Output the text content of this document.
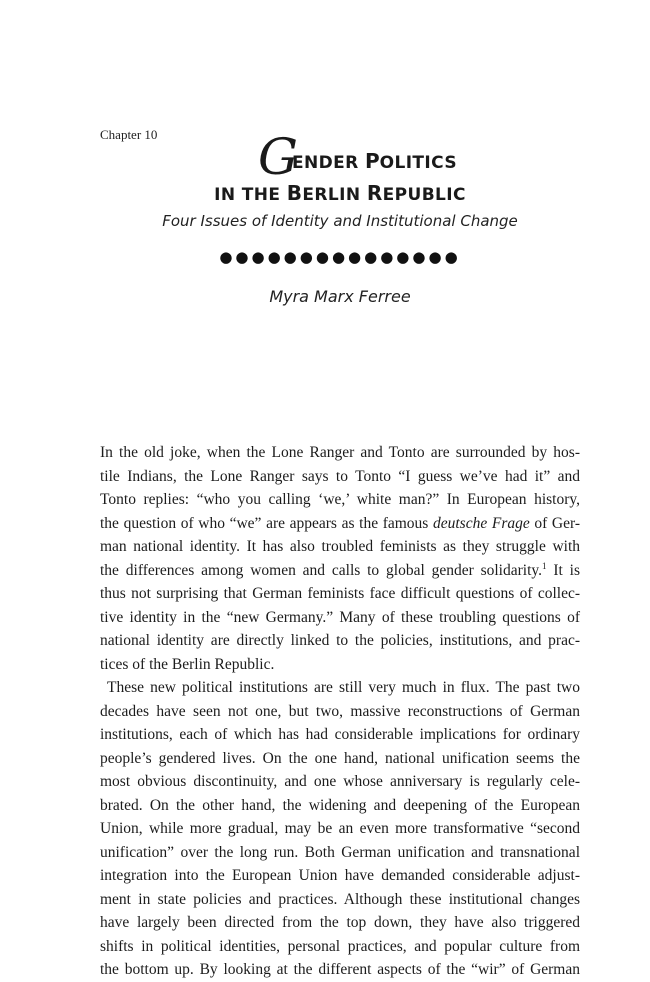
Chapter 10 GENDER POLITICS
IN THE BERLIN REPUBLIC
Four Issues of Identity and Institutional Change
●●●●●●●●●●●●●●●
Myra Marx Ferree
In the old joke, when the Lone Ranger and Tonto are surrounded by hos-
tile Indians, the Lone Ranger says to Tonto “I guess we’ve had it” and
Tonto replies: “who you calling ‘we,’ white man?” In European history,
the question of who “we” are appears as the famous deutsche Frage of Ger-
man national identity. It has also troubled feminists as they struggle with
the differences among women and calls to global gender solidarity.$^1$ It is
thus not surprising that German feminists face difficult questions of collec-
tive identity in the “new Germany.” Many of these troubling questions of
national identity are directly linked to the policies, institutions, and prac-
tices of the Berlin Republic.
These new political institutions are still very much in flux. The past two
decades have seen not one, but two, massive reconstructions of German
institutions, each of which has had considerable implications for ordinary
people’s gendered lives. On the one hand, national unification seems the
most obvious discontinuity, and one whose anniversary is regularly cele-
brated. On the other hand, the widening and deepening of the European
Union, while more gradual, may be an even more transformative “second
unification” over the long run. Both German unification and transnational
integration into the European Union have demanded considerable adjust-
ment in state policies and practices. Although these institutional changes
have largely been directed from the top down, they have also triggered
shifts in political identities, personal practices, and popular culture from
the bottom up. By looking at the different aspects of the “wir” of German
